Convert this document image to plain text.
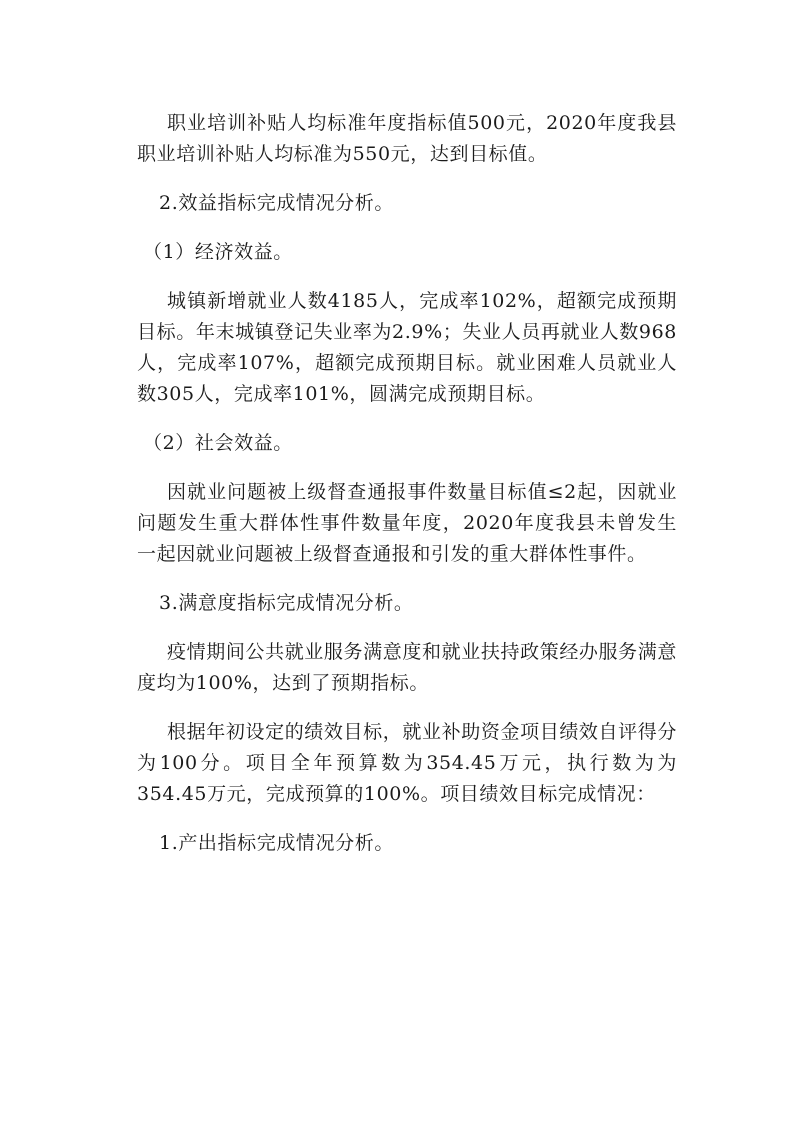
职业培训补贴人均标准年度指标值500元，2020年度我县职业培训补贴人均标准为550元，达到目标值。

2.效益指标完成情况分析。

（1）经济效益。

城镇新增就业人数4185人，完成率102%，超额完成预期目标。年末城镇登记失业率为2.9%；失业人员再就业人数968人，完成率107%，超额完成预期目标。就业困难人员就业人数305人，完成率101%，圆满完成预期目标。

（2）社会效益。

因就业问题被上级督查通报事件数量目标值≤2起，因就业问题发生重大群体性事件数量年度，2020年度我县未曾发生一起因就业问题被上级督查通报和引发的重大群体性事件。

3.满意度指标完成情况分析。

疫情期间公共就业服务满意度和就业扶持政策经办服务满意度均为100%，达到了预期指标。

根据年初设定的绩效目标，就业补助资金项目绩效自评得分为100分。项目全年预算数为354.45万元，执行数为为354.45万元，完成预算的100%。项目绩效目标完成情况：

1.产出指标完成情况分析。
